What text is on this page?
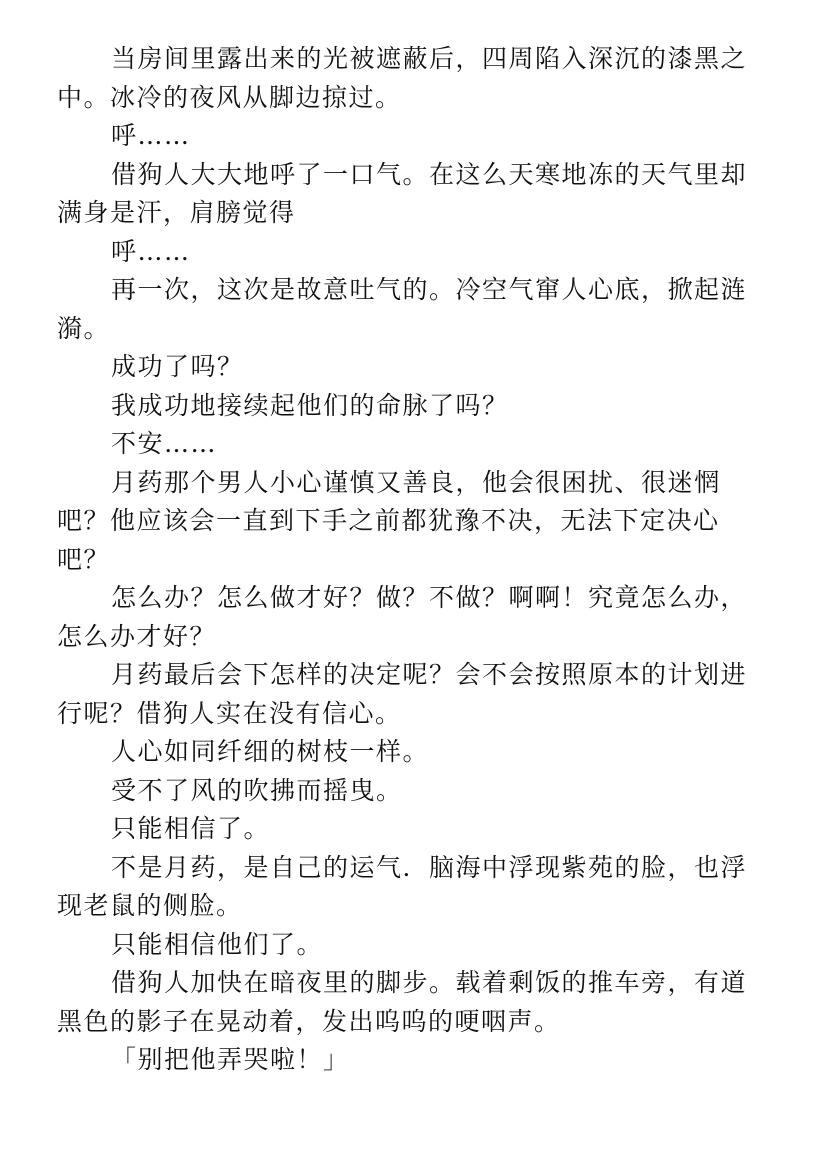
当房间里露出来的光被遮蔽后，四周陷入深沉的漆黑之中。冰冷的夜风从脚边掠过。

呼……

借狗人大大地呼了一口气。在这么天寒地冻的天气里却满身是汗，肩膀觉得

呼……

再一次，这次是故意吐气的。冷空气窜人心底，掀起涟漪。

成功了吗？

我成功地接续起他们的命脉了吗？

不安……

月药那个男人小心谨慎又善良，他会很困扰、很迷惘吧？他应该会一直到下手之前都犹豫不决，无法下定决心吧？

怎么办？怎么做才好？做？不做？啊啊！究竟怎么办，怎么办才好？

月药最后会下怎样的决定呢？会不会按照原本的计划进行呢？借狗人实在没有信心。

人心如同纤细的树枝一样。

受不了风的吹拂而摇曳。

只能相信了。

不是月药，是自己的运气．脑海中浮现紫苑的脸，也浮现老鼠的侧脸。

只能相信他们了。

借狗人加快在暗夜里的脚步。载着剩饭的推车旁，有道黑色的影子在晃动着，发出呜呜的哽咽声。

「别把他弄哭啦！」
